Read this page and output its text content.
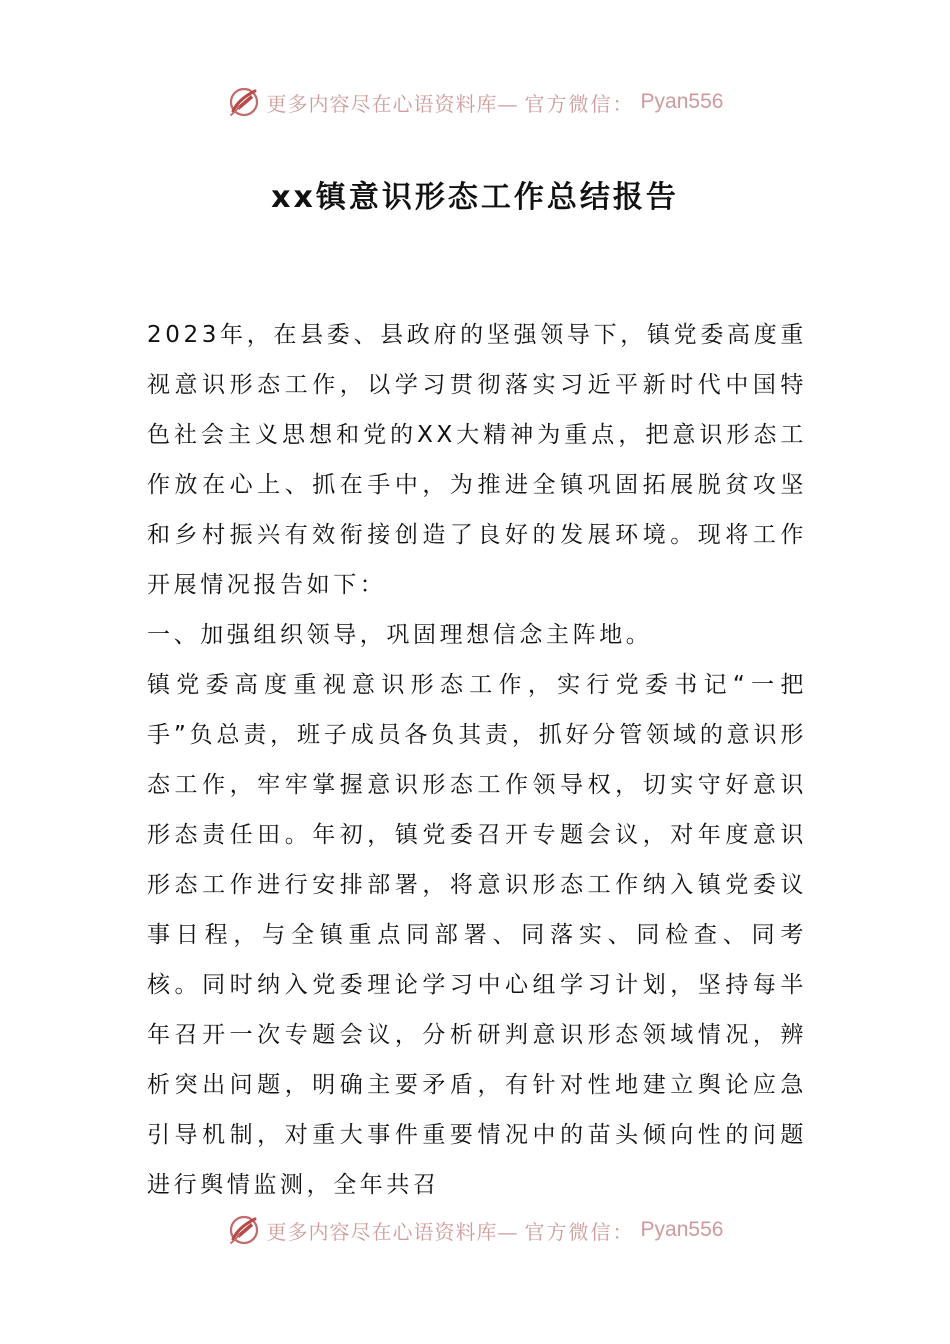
更多内容尽在心语资料库— 官方微信： Pyan556
xx镇意识形态工作总结报告

2023年，在县委、县政府的坚强领导下，镇党委高度重视意识形态工作，以学习贯彻落实习近平新时代中国特色社会主义思想和党的XX大精神为重点，把意识形态工作放在心上、抓在手中，为推进全镇巩固拓展脱贫攻坚和乡村振兴有效衔接创造了良好的发展环境。现将工作开展情况报告如下：

一、加强组织领导，巩固理想信念主阵地。

镇党委高度重视意识形态工作，实行党委书记“一把手”负总责，班子成员各负其责，抓好分管领域的意识形态工作，牢牢掌握意识形态工作领导权，切实守好意识形态责任田。年初，镇党委召开专题会议，对年度意识形态工作进行安排部署，将意识形态工作纳入镇党委议事日程，与全镇重点同部署、同落实、同检查、同考核。同时纳入党委理论学习中心组学习计划，坚持每半年召开一次专题会议，分析研判意识形态领域情况，辨析突出问题，明确主要矛盾，有针对性地建立舆论应急引导机制，对重大事件重要情况中的苗头倾向性的问题进行舆情监测，全年共召

更多内容尽在心语资料库— 官方微信： Pyan556
